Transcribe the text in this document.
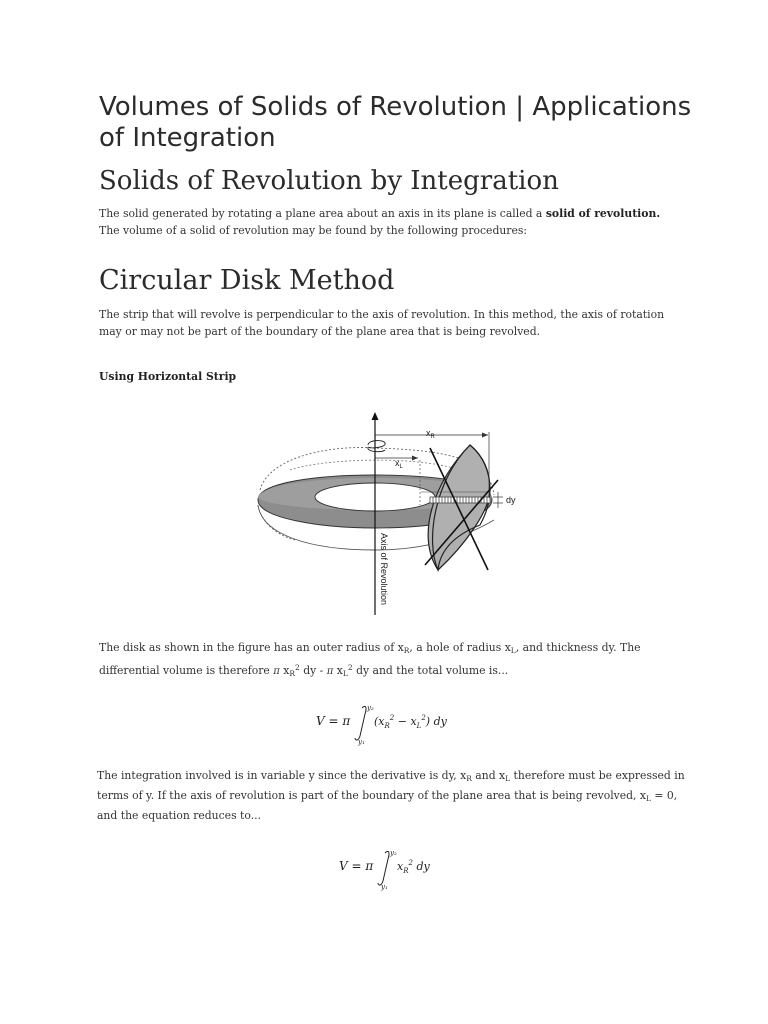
Volumes of Solids of Revolution | Applications of Integration
Solids of Revolution by Integration

The solid generated by rotating a plane area about an axis in its plane is called a solid of revolution. The volume of a solid of revolution may be found by the following procedures:

Circular Disk Method

The strip that will revolve is perpendicular to the axis of revolution. In this method, the axis of rotation may or may not be part of the boundary of the plane area that is being revolved.

Using Horizontal Strip

$x_R$
$x_L$
dy
Axis of Revolution

The disk as shown in the figure has an outer radius of $x_R$, a hole of radius $x_L$, and thickness dy. The differential volume is therefore π $x_R^2$ dy - π $x_L^2$ dy and the total volume is...

V = π
y₂
y₁
$(x_R^2 - x_L^2)$ dy

The integration involved is in variable y since the derivative is dy, $x_R$ and $x_L$ therefore must be expressed in terms of y. If the axis of revolution is part of the boundary of the plane area that is being revolved, $x_L = 0$, and the equation reduces to...

V = π
y₂
y₁
$x_R^2$ dy
